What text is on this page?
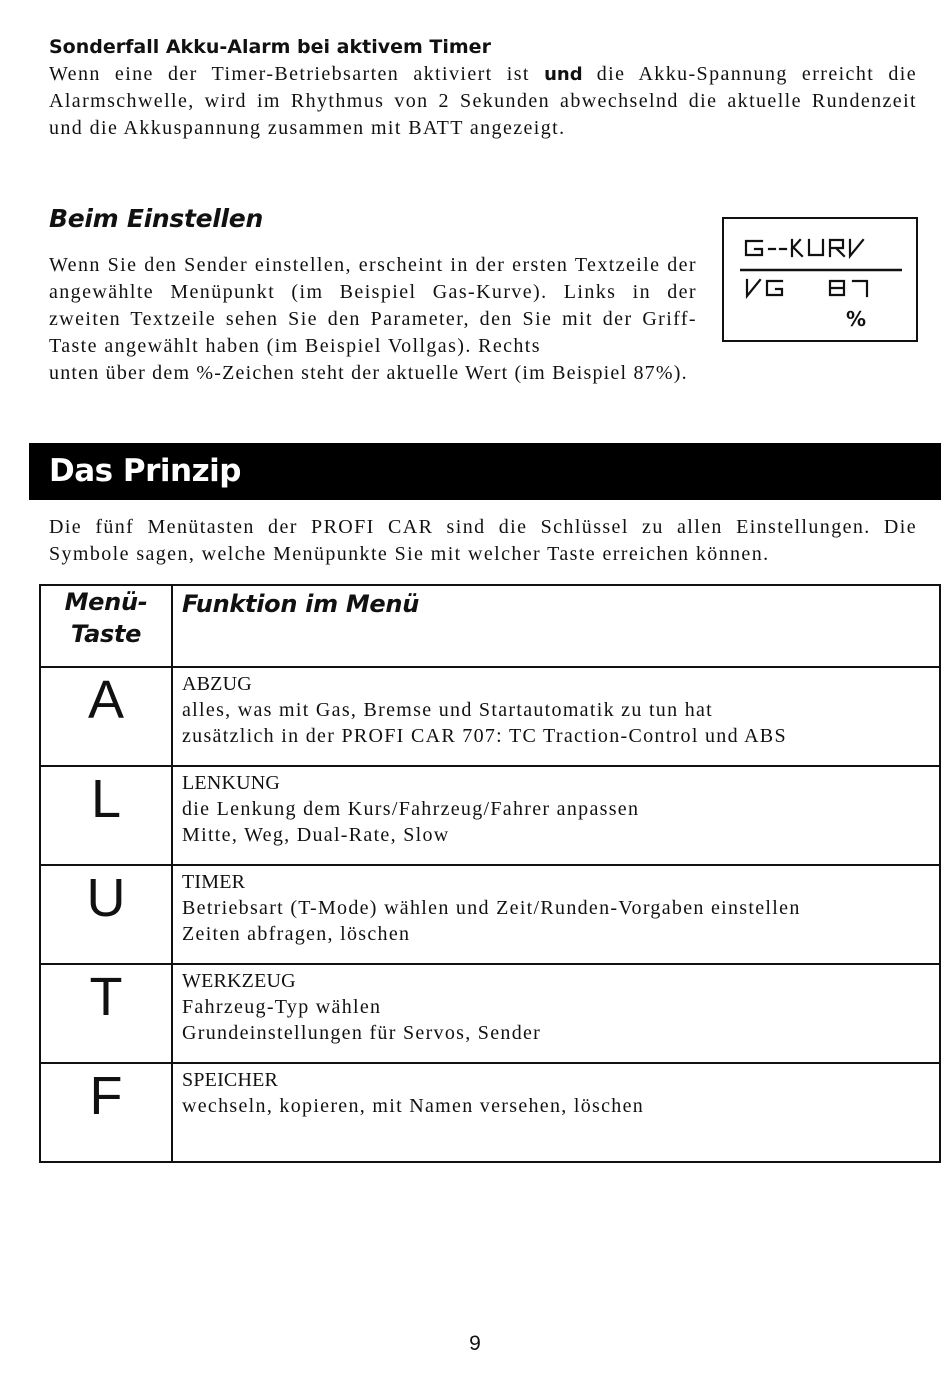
Sonderfall Akku-Alarm bei aktivem Timer
Wenn eine der Timer-Betriebsarten aktiviert ist und die Akku-Spannung erreicht die Alarmschwelle, wird im Rhythmus von 2 Sekunden abwechselnd die aktuelle Rundenzeit und die Akkuspannung zusammen mit BATT angezeigt.
Beim Einstellen
Wenn Sie den Sender einstellen, erscheint in der ersten Textzeile der angewählte Menüpunkt (im Beispiel Gas-Kurve). Links in der zweiten Textzeile sehen Sie den Parameter, den Sie mit der Griff-Taste angewählt haben (im Beispiel Vollgas). Rechts
unten über dem %-Zeichen steht der aktuelle Wert (im Beispiel 87%).
%
Das Prinzip
Die fünf Menütasten der PROFI CAR sind die Schlüssel zu allen Einstellungen. Die Symbole sagen, welche Menüpunkte Sie mit welcher Taste erreichen können.
Menü-
Taste	Funktion im Menü

A	ABZUG
alles, was mit Gas, Bremse und Startautomatik zu tun hat
zusätzlich in der PROFI CAR 707: TC Traction-Control und ABS

L	LENKUNG
die Lenkung dem Kurs/Fahrzeug/Fahrer anpassen
Mitte, Weg, Dual-Rate, Slow

U	TIMER
Betriebsart (T-Mode) wählen und Zeit/Runden-Vorgaben einstellen
Zeiten abfragen, löschen

T	WERKZEUG
Fahrzeug-Typ wählen
Grundeinstellungen für Servos, Sender

F	SPEICHER
wechseln, kopieren, mit Namen versehen, löschen
9
